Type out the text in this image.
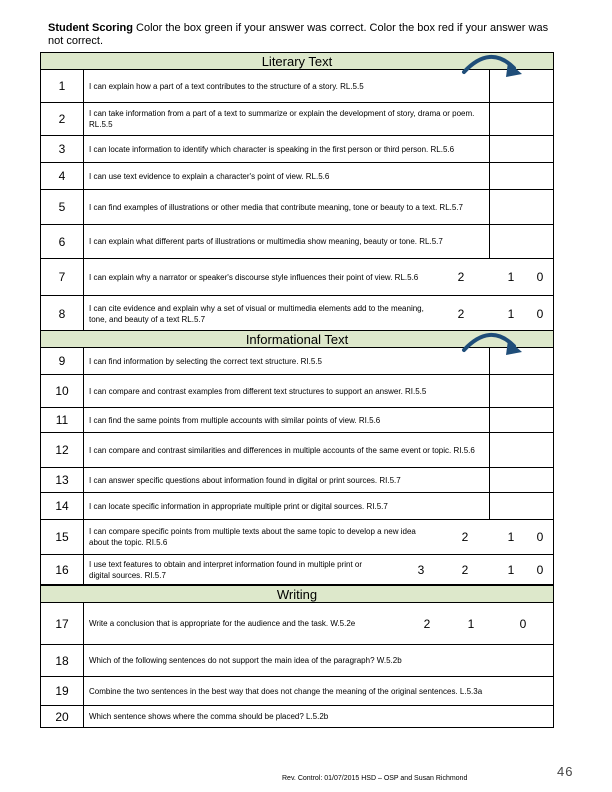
Student Scoring Color the box green if your answer was correct. Color the box red if your answer was not correct.
Literary Text
1	I can explain how a part of a text contributes to the structure of a story. RL.5.5
2	I can take information from a part of a text to summarize or explain the development of story, drama or poem. RL.5.5
3	I can locate information to identify which character is speaking in the first person or third person. RL.5.6
4	I can use text evidence to explain a character's point of view. RL.5.6
5	I can find examples of illustrations or other media that contribute meaning, tone or beauty to a text. RL.5.7
6	I can explain what different parts of illustrations or multimedia show meaning, beauty or tone. RL.5.7
7	I can explain why a narrator or speaker's discourse style influences their point of view. RL.5.6	2	1	0
8	I can cite evidence and explain why a set of visual or multimedia elements add to the meaning, tone, and beauty of a text RL.5.7	2	1	0
Informational Text
9	I can find information by selecting the correct text structure. RI.5.5
10	I can compare and contrast examples from different text structures to support an answer. RI.5.5
11	I can find the same points from multiple accounts with similar points of view. RI.5.6
12	I can compare and contrast similarities and differences in multiple accounts of the same event or topic. RI.5.6
13	I can answer specific questions about information found in digital or print sources. RI.5.7
14	I can locate specific information in appropriate multiple print or digital sources. RI.5.7
15	I can compare specific points from multiple texts about the same topic to develop a new idea about the topic. RI.5.6	2	1	0
16	I use text features to obtain and interpret information found in multiple print or digital sources. RI.5.7	3	2	1	0
Writing
17	Write a conclusion that is appropriate for the audience and the task. W.5.2e	2	1	0
18	Which of the following sentences do not support the main idea of the paragraph? W.5.2b
19	Combine the two sentences in the best way that does not change the meaning of the original sentences. L.5.3a
20	Which sentence shows where the comma should be placed? L.5.2b
Rev. Control: 01/07/2015 HSD – OSP and Susan Richmond	46
